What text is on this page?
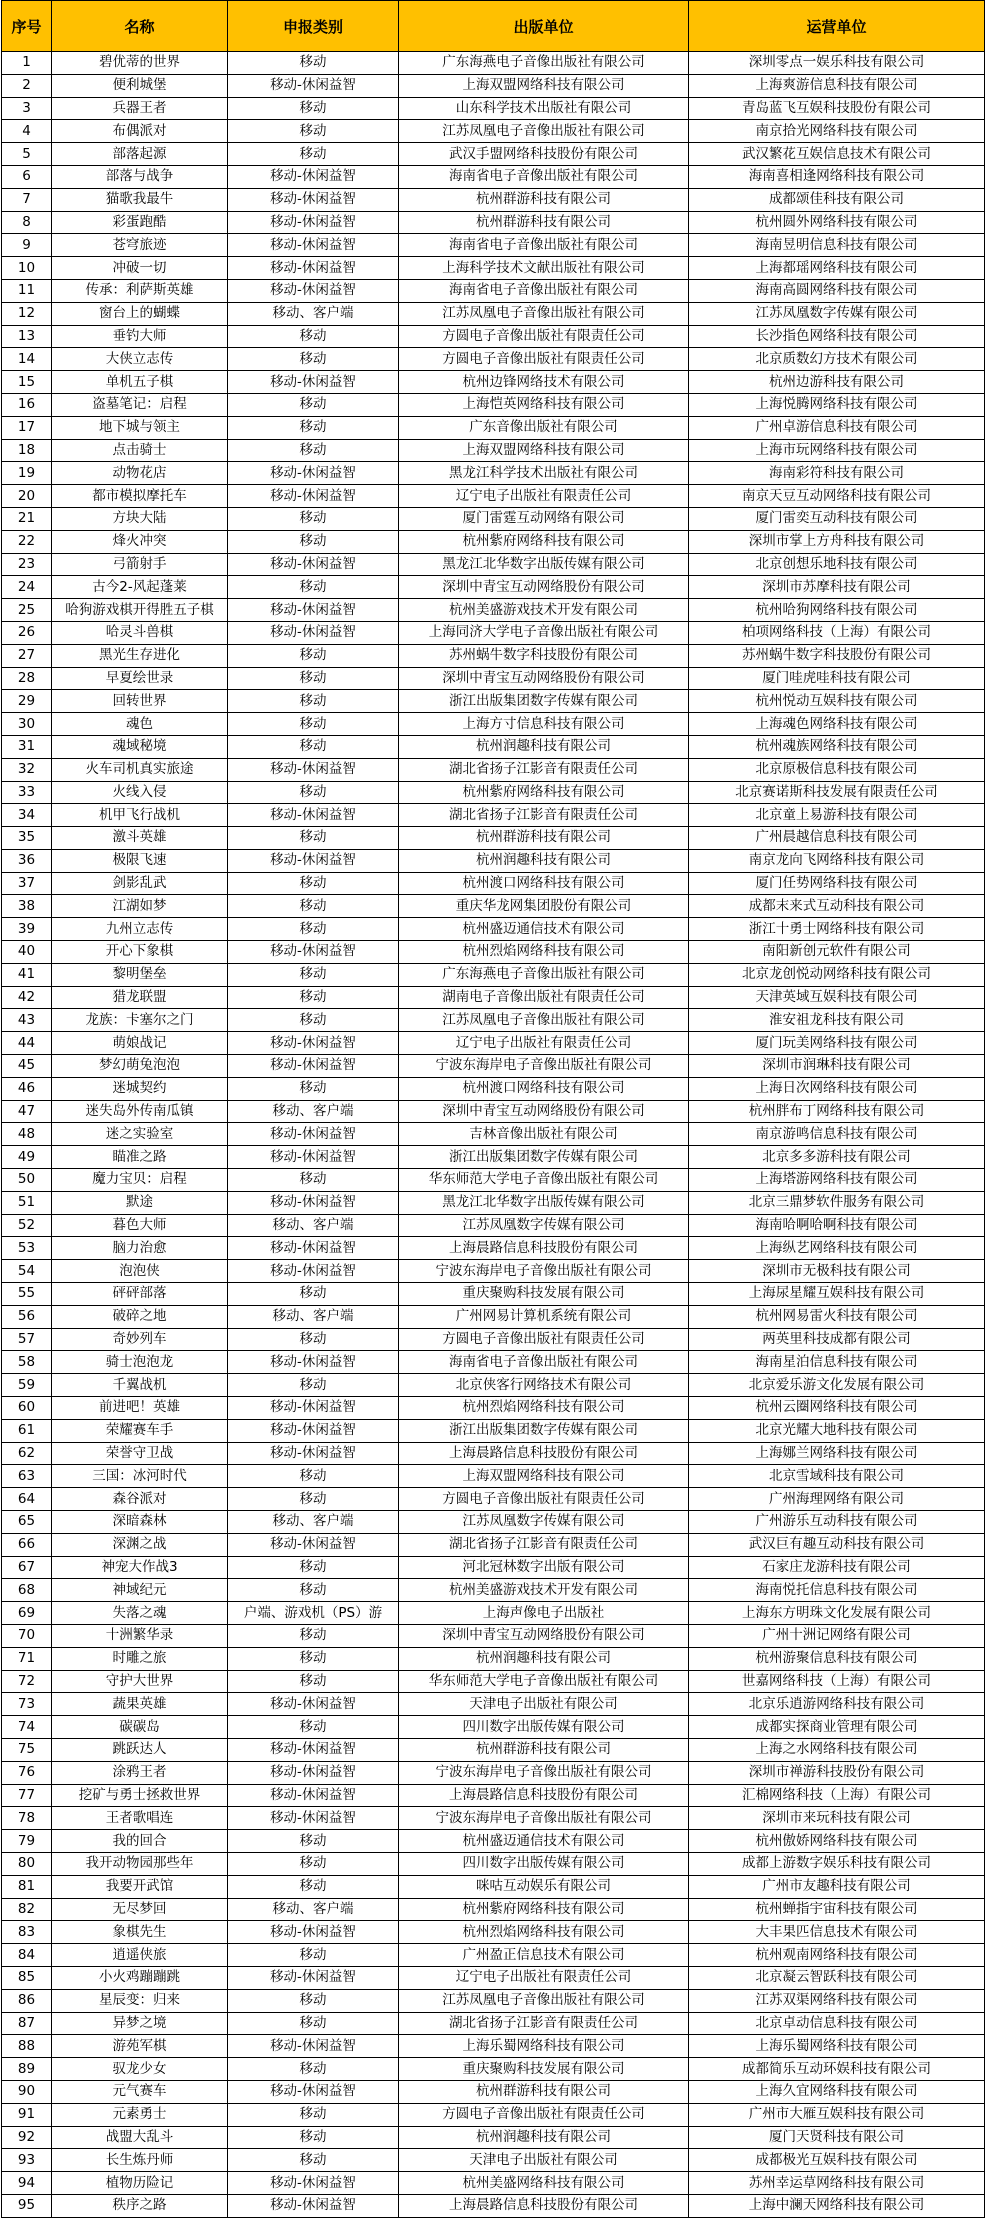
序号	名称	申报类别	出版单位	运营单位
1	碧优蒂的世界	移动	广东海燕电子音像出版社有限公司	深圳零点一娱乐科技有限公司
2	便利城堡	移动-休闲益智	上海双盟网络科技有限公司	上海爽游信息科技有限公司
3	兵器王者	移动	山东科学技术出版社有限公司	青岛蓝飞互娱科技股份有限公司
4	布偶派对	移动	江苏凤凰电子音像出版社有限公司	南京拾光网络科技有限公司
5	部落起源	移动	武汉手盟网络科技股份有限公司	武汉繁花互娱信息技术有限公司
6	部落与战争	移动-休闲益智	海南省电子音像出版社有限公司	海南喜相逢网络科技有限公司
7	猫歌我最牛	移动-休闲益智	杭州群游科技有限公司	成都颂佳科技有限公司
8	彩蛋跑酷	移动-休闲益智	杭州群游科技有限公司	杭州圆外网络科技有限公司
9	苍穹旅迹	移动-休闲益智	海南省电子音像出版社有限公司	海南昱明信息科技有限公司
10	冲破一切	移动-休闲益智	上海科学技术文献出版社有限公司	上海都瑶网络科技有限公司
11	传承：利萨斯英雄	移动-休闲益智	海南省电子音像出版社有限公司	海南高圆网络科技有限公司
12	窗台上的蝴蝶	移动、客户端	江苏凤凰电子音像出版社有限公司	江苏凤凰数字传媒有限公司
13	垂钓大师	移动	方圆电子音像出版社有限责任公司	长沙指色网络科技有限公司
14	大侠立志传	移动	方圆电子音像出版社有限责任公司	北京质数幻方技术有限公司
15	单机五子棋	移动-休闲益智	杭州边锋网络技术有限公司	杭州边游科技有限公司
16	盗墓笔记：启程	移动	上海恺英网络科技有限公司	上海悦腾网络科技有限公司
17	地下城与领主	移动	广东音像出版社有限公司	广州卓游信息科技有限公司
18	点击骑士	移动	上海双盟网络科技有限公司	上海市玩网络科技有限公司
19	动物花店	移动-休闲益智	黑龙江科学技术出版社有限公司	海南彩符科技有限公司
20	都市模拟摩托车	移动-休闲益智	辽宁电子出版社有限责任公司	南京天豆互动网络科技有限公司
21	方块大陆	移动	厦门雷霆互动网络有限公司	厦门雷奕互动科技有限公司
22	烽火冲突	移动	杭州紫府网络科技有限公司	深圳市掌上方舟科技有限公司
23	弓箭射手	移动-休闲益智	黑龙江北华数字出版传媒有限公司	北京创想乐地科技有限公司
24	古今2-风起蓬莱	移动	深圳中青宝互动网络股份有限公司	深圳市苏摩科技有限公司
25	哈狗游戏棋开得胜五子棋	移动-休闲益智	杭州美盛游戏技术开发有限公司	杭州哈狗网络科技有限公司
26	哈灵斗兽棋	移动-休闲益智	上海同济大学电子音像出版社有限公司	柏项网络科技（上海）有限公司
27	黑光生存进化	移动	苏州蜗牛数字科技股份有限公司	苏州蜗牛数字科技股份有限公司
28	早夏绘世录	移动	深圳中青宝互动网络股份有限公司	厦门哇虎哇科技有限公司
29	回转世界	移动	浙江出版集团数字传媒有限公司	杭州悦动互娱科技有限公司
30	魂色	移动	上海方寸信息科技有限公司	上海魂色网络科技有限公司
31	魂域秘境	移动	杭州润趣科技有限公司	杭州魂族网络科技有限公司
32	火车司机真实旅途	移动-休闲益智	湖北省扬子江影音有限责任公司	北京原极信息科技有限公司
33	火线入侵	移动	杭州紫府网络科技有限公司	北京赛诺斯科技发展有限责任公司
34	机甲飞行战机	移动-休闲益智	湖北省扬子江影音有限责任公司	北京童上易游科技有限公司
35	激斗英雄	移动	杭州群游科技有限公司	广州晨越信息科技有限公司
36	极限飞速	移动-休闲益智	杭州润趣科技有限公司	南京龙向飞网络科技有限公司
37	剑影乱武	移动	杭州渡口网络科技有限公司	厦门任势网络科技有限公司
38	江湖如梦	移动	重庆华龙网集团股份有限公司	成都末来式互动科技有限公司
39	九州立志传	移动	杭州盛迈通信技术有限公司	浙江十勇士网络科技有限公司
40	开心下象棋	移动-休闲益智	杭州烈焰网络科技有限公司	南阳新创元软件有限公司
41	黎明堡垒	移动	广东海燕电子音像出版社有限公司	北京龙创悦动网络科技有限公司
42	猎龙联盟	移动	湖南电子音像出版社有限责任公司	天津英域互娱科技有限公司
43	龙族：卡塞尔之门	移动	江苏凤凰电子音像出版社有限公司	淮安祖龙科技有限公司
44	萌娘战记	移动-休闲益智	辽宁电子出版社有限责任公司	厦门玩美网络科技有限公司
45	梦幻萌兔泡泡	移动-休闲益智	宁波东海岸电子音像出版社有限公司	深圳市润琳科技有限公司
46	迷城契约	移动	杭州渡口网络科技有限公司	上海日次网络科技有限公司
47	迷失岛外传南瓜镇	移动、客户端	深圳中青宝互动网络股份有限公司	杭州胖布丁网络科技有限公司
48	迷之实验室	移动-休闲益智	吉林音像出版社有限公司	南京游鸣信息科技有限公司
49	瞄准之路	移动-休闲益智	浙江出版集团数字传媒有限公司	北京多多游科技有限公司
50	魔力宝贝：启程	移动	华东师范大学电子音像出版社有限公司	上海塔游网络科技有限公司
51	默途	移动-休闲益智	黑龙江北华数字出版传媒有限公司	北京三鼎梦软件服务有限公司
52	暮色大师	移动、客户端	江苏凤凰数字传媒有限公司	海南哈啊哈啊科技有限公司
53	脑力治愈	移动-休闲益智	上海晨路信息科技股份有限公司	上海纵艺网络科技有限公司
54	泡泡侠	移动-休闲益智	宁波东海岸电子音像出版社有限公司	深圳市无极科技有限公司
55	砰砰部落	移动	重庆聚购科技发展有限公司	上海尿星耀互娱科技有限公司
56	破碎之地	移动、客户端	广州网易计算机系统有限公司	杭州网易雷火科技有限公司
57	奇妙列车	移动	方圆电子音像出版社有限责任公司	两英里科技成都有限公司
58	骑士泡泡龙	移动-休闲益智	海南省电子音像出版社有限公司	海南星泊信息科技有限公司
59	千翼战机	移动	北京侠客行网络技术有限公司	北京爱乐游文化发展有限公司
60	前进吧！英雄	移动-休闲益智	杭州烈焰网络科技有限公司	杭州云圈网络科技有限公司
61	荣耀赛车手	移动-休闲益智	浙江出版集团数字传媒有限公司	北京光耀大地科技有限公司
62	荣誉守卫战	移动-休闲益智	上海晨路信息科技股份有限公司	上海娜兰网络科技有限公司
63	三国：冰河时代	移动	上海双盟网络科技有限公司	北京雪域科技有限公司
64	森谷派对	移动	方圆电子音像出版社有限责任公司	广州海理网络有限公司
65	深暗森林	移动、客户端	江苏凤凰数字传媒有限公司	广州游乐互动科技有限公司
66	深渊之战	移动-休闲益智	湖北省扬子江影音有限责任公司	武汉巨有趣互动科技有限公司
67	神宠大作战3	移动	河北冠林数字出版有限公司	石家庄龙游科技有限公司
68	神域纪元	移动	杭州美盛游戏技术开发有限公司	海南悦托信息科技有限公司
69	失落之魂	户端、游戏机（PS）游	上海声像电子出版社	上海东方明珠文化发展有限公司
70	十洲繁华录	移动	深圳中青宝互动网络股份有限公司	广州十洲记网络有限公司
71	时雕之旅	移动	杭州润趣科技有限公司	杭州游聚信息科技有限公司
72	守护大世界	移动	华东师范大学电子音像出版社有限公司	世嘉网络科技（上海）有限公司
73	蔬果英雄	移动-休闲益智	天津电子出版社有限公司	北京乐逍游网络科技有限公司
74	碳碳岛	移动	四川数字出版传媒有限公司	成都实探商业管理有限公司
75	跳跃达人	移动-休闲益智	杭州群游科技有限公司	上海之水网络科技有限公司
76	涂鸦王者	移动-休闲益智	宁波东海岸电子音像出版社有限公司	深圳市禅游科技股份有限公司
77	挖矿与勇士拯救世界	移动-休闲益智	上海晨路信息科技股份有限公司	汇棉网络科技（上海）有限公司
78	王者歌唱连	移动-休闲益智	宁波东海岸电子音像出版社有限公司	深圳市来玩科技有限公司
79	我的回合	移动	杭州盛迈通信技术有限公司	杭州傲娇网络科技有限公司
80	我开动物园那些年	移动	四川数字出版传媒有限公司	成都上游数字娱乐科技有限公司
81	我要开武馆	移动	咪咕互动娱乐有限公司	广州市友趣科技有限公司
82	无尽梦回	移动、客户端	杭州紫府网络科技有限公司	杭州蝉指宇宙科技有限公司
83	象棋先生	移动-休闲益智	杭州烈焰网络科技有限公司	大丰果匹信息技术有限公司
84	逍遥侠旅	移动	广州盈正信息技术有限公司	杭州观南网络科技有限公司
85	小火鸡蹦蹦跳	移动-休闲益智	辽宁电子出版社有限责任公司	北京凝云智跃科技有限公司
86	星辰变：归来	移动	江苏凤凰电子音像出版社有限公司	江苏双渠网络科技有限公司
87	异梦之境	移动	湖北省扬子江影音有限责任公司	北京卓动信息科技有限公司
88	游苑军棋	移动-休闲益智	上海乐蜀网络科技有限公司	上海乐蜀网络科技有限公司
89	驭龙少女	移动	重庆聚购科技发展有限公司	成都简乐互动环娱科技有限公司
90	元气赛车	移动-休闲益智	杭州群游科技有限公司	上海久宜网络科技有限公司
91	元素勇士	移动	方圆电子音像出版社有限责任公司	广州市大雁互娱科技有限公司
92	战盟大乱斗	移动	杭州润趣科技有限公司	厦门天贤科技有限公司
93	长生炼丹师	移动	天津电子出版社有限公司	成都极光互娱科技有限公司
94	植物历险记	移动-休闲益智	杭州美盛网络科技有限公司	苏州幸运草网络科技有限公司
95	秩序之路	移动-休闲益智	上海晨路信息科技股份有限公司	上海中澜天网络科技有限公司
